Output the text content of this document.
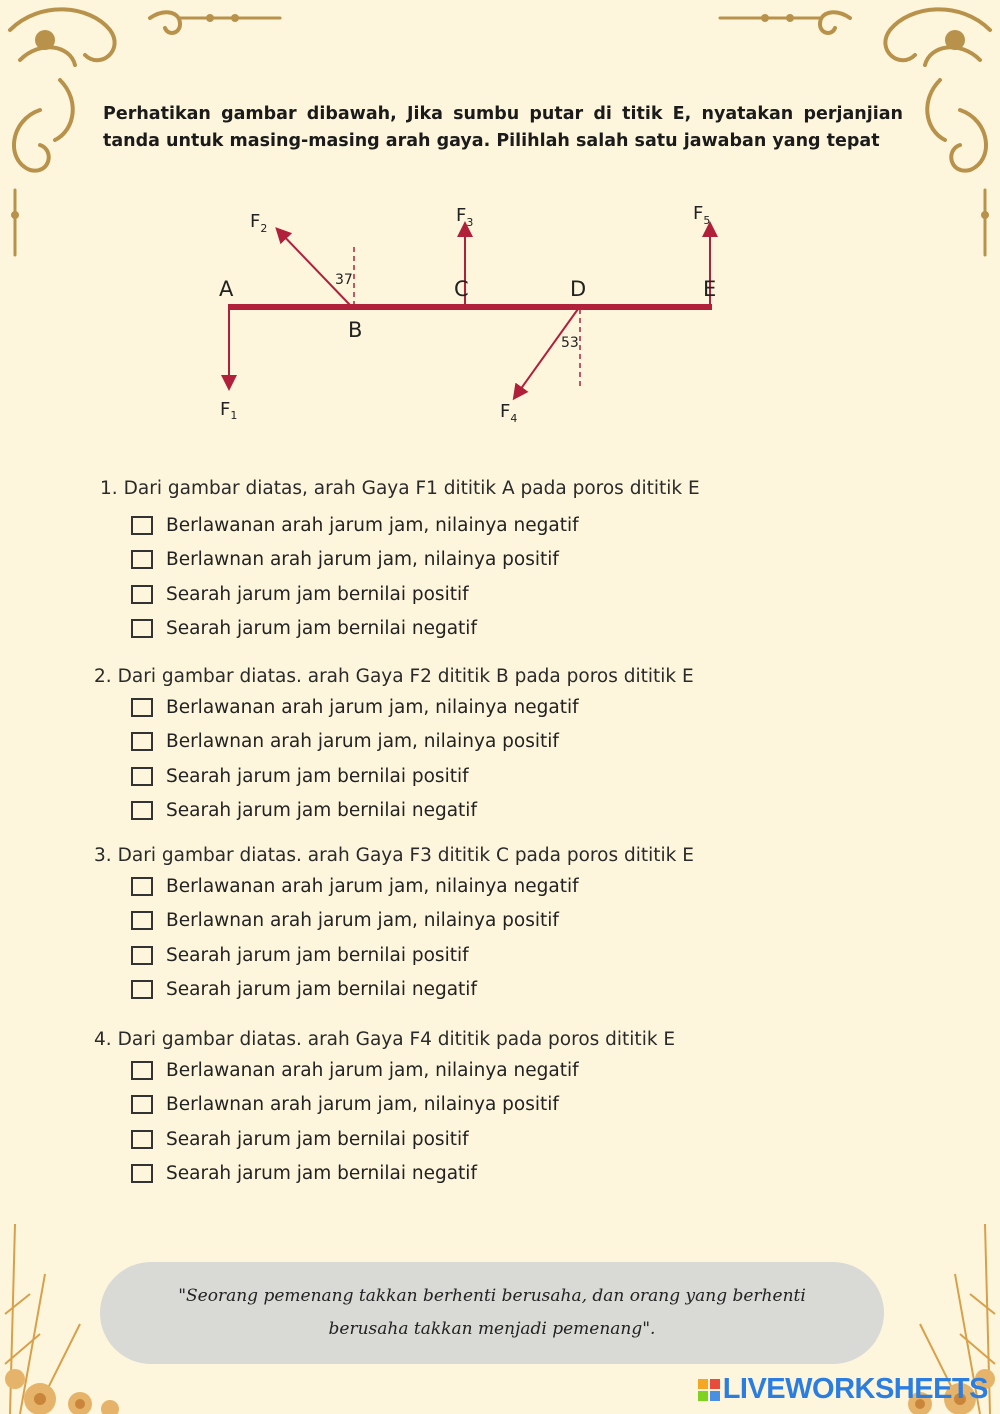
Perhatikan gambar dibawah, Jika sumbu putar di titik E, nyatakan perjanjian tanda untuk masing-masing arah gaya. Pilihlah salah satu jawaban yang tepat
A
B
C	D	E
37
53
$F_1$
$F_2$
$F_3$
$F_4$
$F_5$
1. Dari gambar diatas, arah Gaya F1 dititik A pada poros dititik E
Berlawanan arah jarum jam, nilainya negatif
Berlawnan arah jarum jam, nilainya positif
Searah jarum jam bernilai positif
Searah jarum jam bernilai negatif
2. Dari gambar diatas. arah Gaya F2 dititik B pada poros dititik E
Berlawanan arah jarum jam, nilainya negatif
Berlawnan arah jarum jam, nilainya positif
Searah jarum jam bernilai positif
Searah jarum jam bernilai negatif
3. Dari gambar diatas. arah Gaya F3 dititik C pada poros dititik E
Berlawanan arah jarum jam, nilainya negatif
Berlawnan arah jarum jam, nilainya positif
Searah jarum jam bernilai positif
Searah jarum jam bernilai negatif
4. Dari gambar diatas. arah Gaya F4 dititik pada poros dititik E
Berlawanan arah jarum jam, nilainya negatif
Berlawnan arah jarum jam, nilainya positif
Searah jarum jam bernilai positif
Searah jarum jam bernilai negatif
"Seorang pemenang takkan berhenti berusaha, dan orang yang berhenti berusaha takkan menjadi pemenang".
LIVEWORKSHEETS
